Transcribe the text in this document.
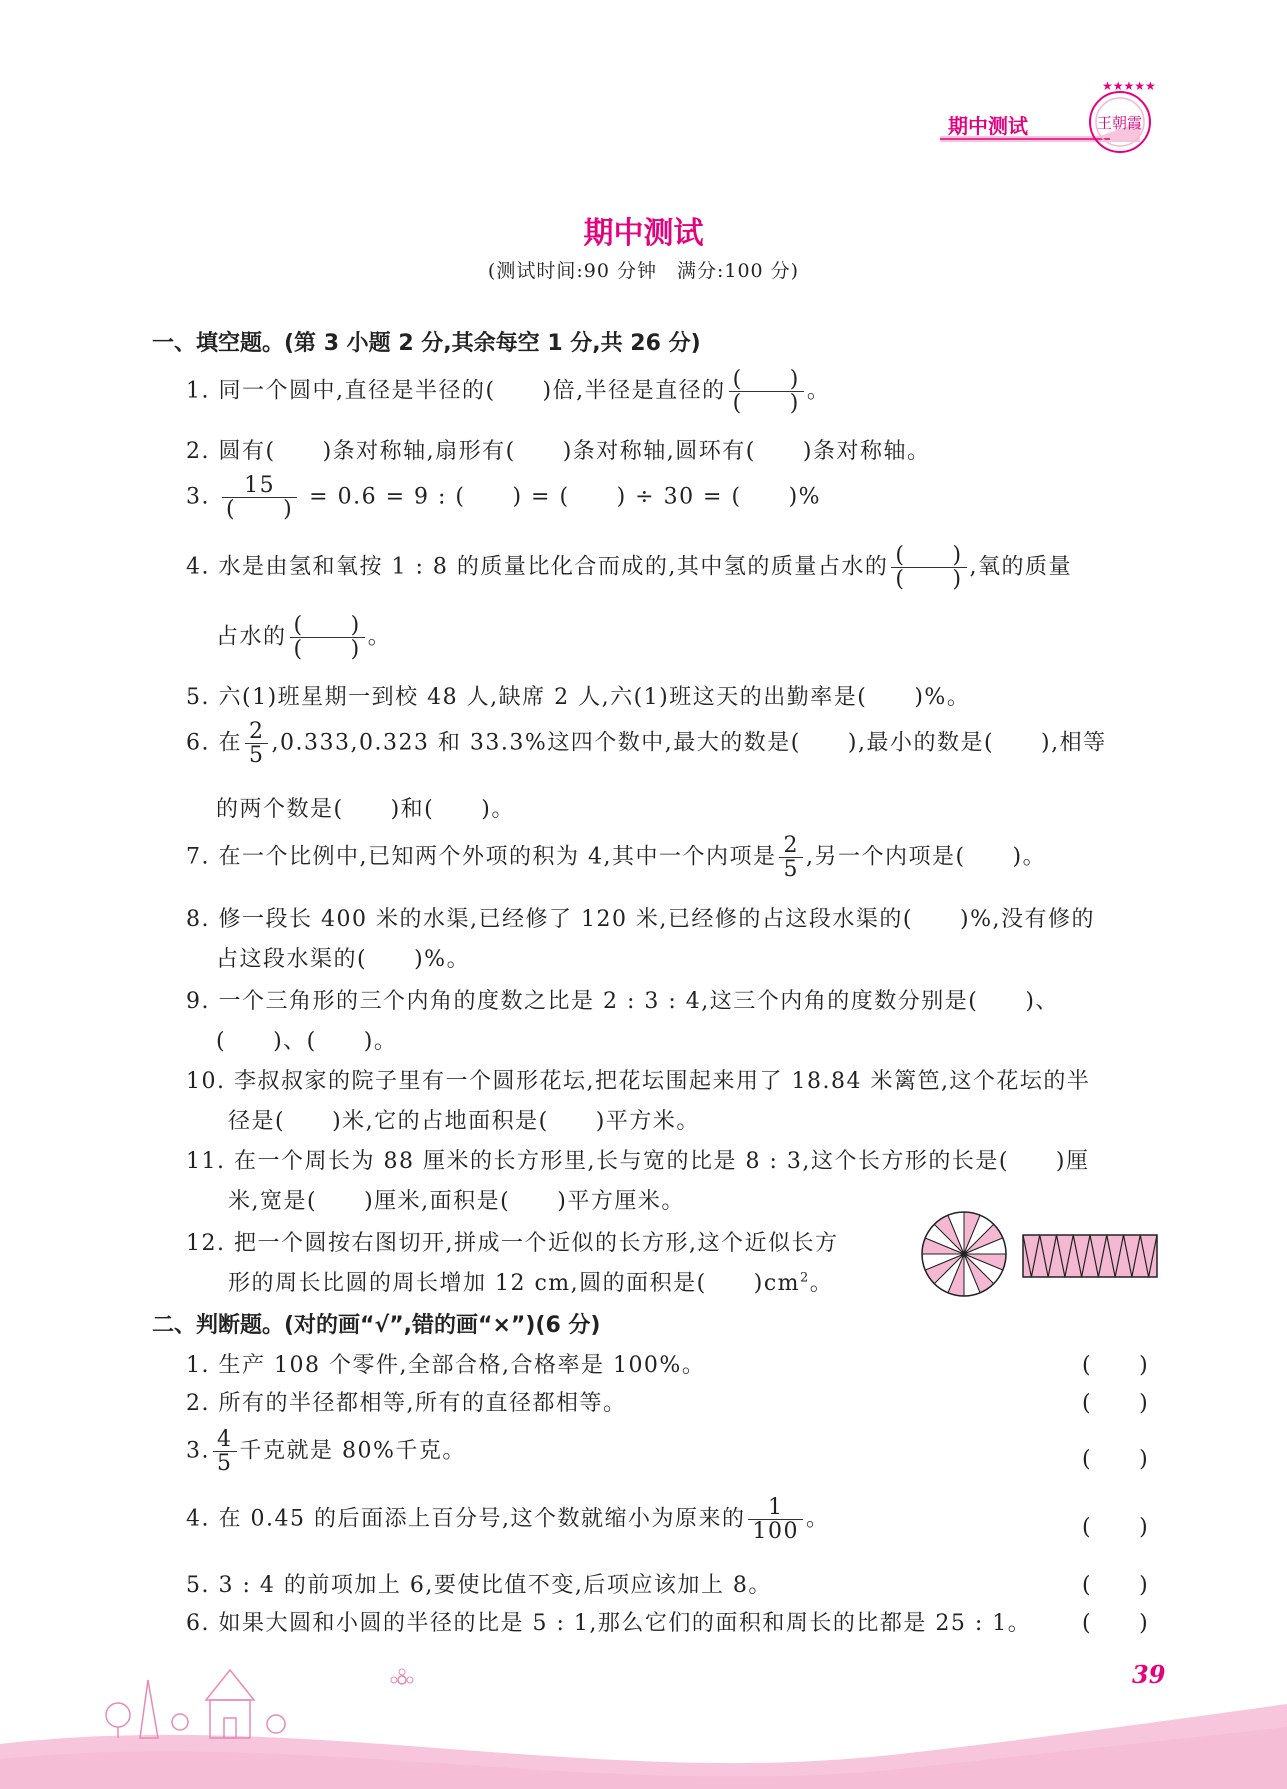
期中测试
★★★★★
王朝霞
期中测试
(测试时间:90 分钟　满分:100 分)
一、填空题。(第 3 小题 2 分,其余每空 1 分,共 26 分)
1. 同一个圆中,直径是半径的(　　)倍,半径是直径的 $\frac{( )}{( )}$ 。
2. 圆有(　　)条对称轴,扇形有(　　)条对称轴,圆环有(　　)条对称轴。
3. $\frac{15}{( )} = 0.6 = 9$ : (　　) = (　　) ÷ 30 = (　　)%
4. 水是由氢和氧按 1 : 8 的质量比化合而成的,其中氢的质量占水的 $\frac{( )}{( )}$ ,氧的质量
占水的 $\frac{( )}{( )}$ 。
5. 六(1)班星期一到校 48 人,缺席 2 人,六(1)班这天的出勤率是(　　)%。
6. 在 $\frac{2}{5} ,0.333,0.323$ 和 33.3%这四个数中,最大的数是(　　),最小的数是(　　),相等
的两个数是(　　)和(　　)。
7. 在一个比例中,已知两个外项的积为 4,其中一个内项是 $\frac{2}{5}$ ,另一个内项是(　　)。
8. 修一段长 400 米的水渠,已经修了 120 米,已经修的占这段水渠的(　　)%,没有修的
占这段水渠的(　　)%。
9. 一个三角形的三个内角的度数之比是 2 : 3 : 4,这三个内角的度数分别是(　　)、
(　　)、(　　)。
10. 李叔叔家的院子里有一个圆形花坛,把花坛围起来用了 18.84 米篱笆,这个花坛的半
径是(　　)米,它的占地面积是(　　)平方米。
11. 在一个周长为 88 厘米的长方形里,长与宽的比是 8 : 3,这个长方形的长是(　　)厘
米,宽是(　　)厘米,面积是(　　)平方厘米。
12. 把一个圆按右图切开,拼成一个近似的长方形,这个近似长方
形的周长比圆的周长增加 12 cm,圆的面积是(　　)$cm^2$。
二、判断题。(对的画“√”,错的画“×”)(6 分)
1. 生产 108 个零件,全部合格,合格率是 100%。	(　　)
2. 所有的半径都相等,所有的直径都相等。	(　　)
3. $\frac{4}{5}$ 千克就是 80%千克。	(　　)
4. 在 0.45 的后面添上百分号,这个数就缩小为原来的 $\frac{1}{100}$ 。	(　　)
5. 3 : 4 的前项加上 6,要使比值不变,后项应该加上 8。	(　　)
6. 如果大圆和小圆的半径的比是 5 : 1,那么它们的面积和周长的比都是 25 : 1。 (　　)
39
